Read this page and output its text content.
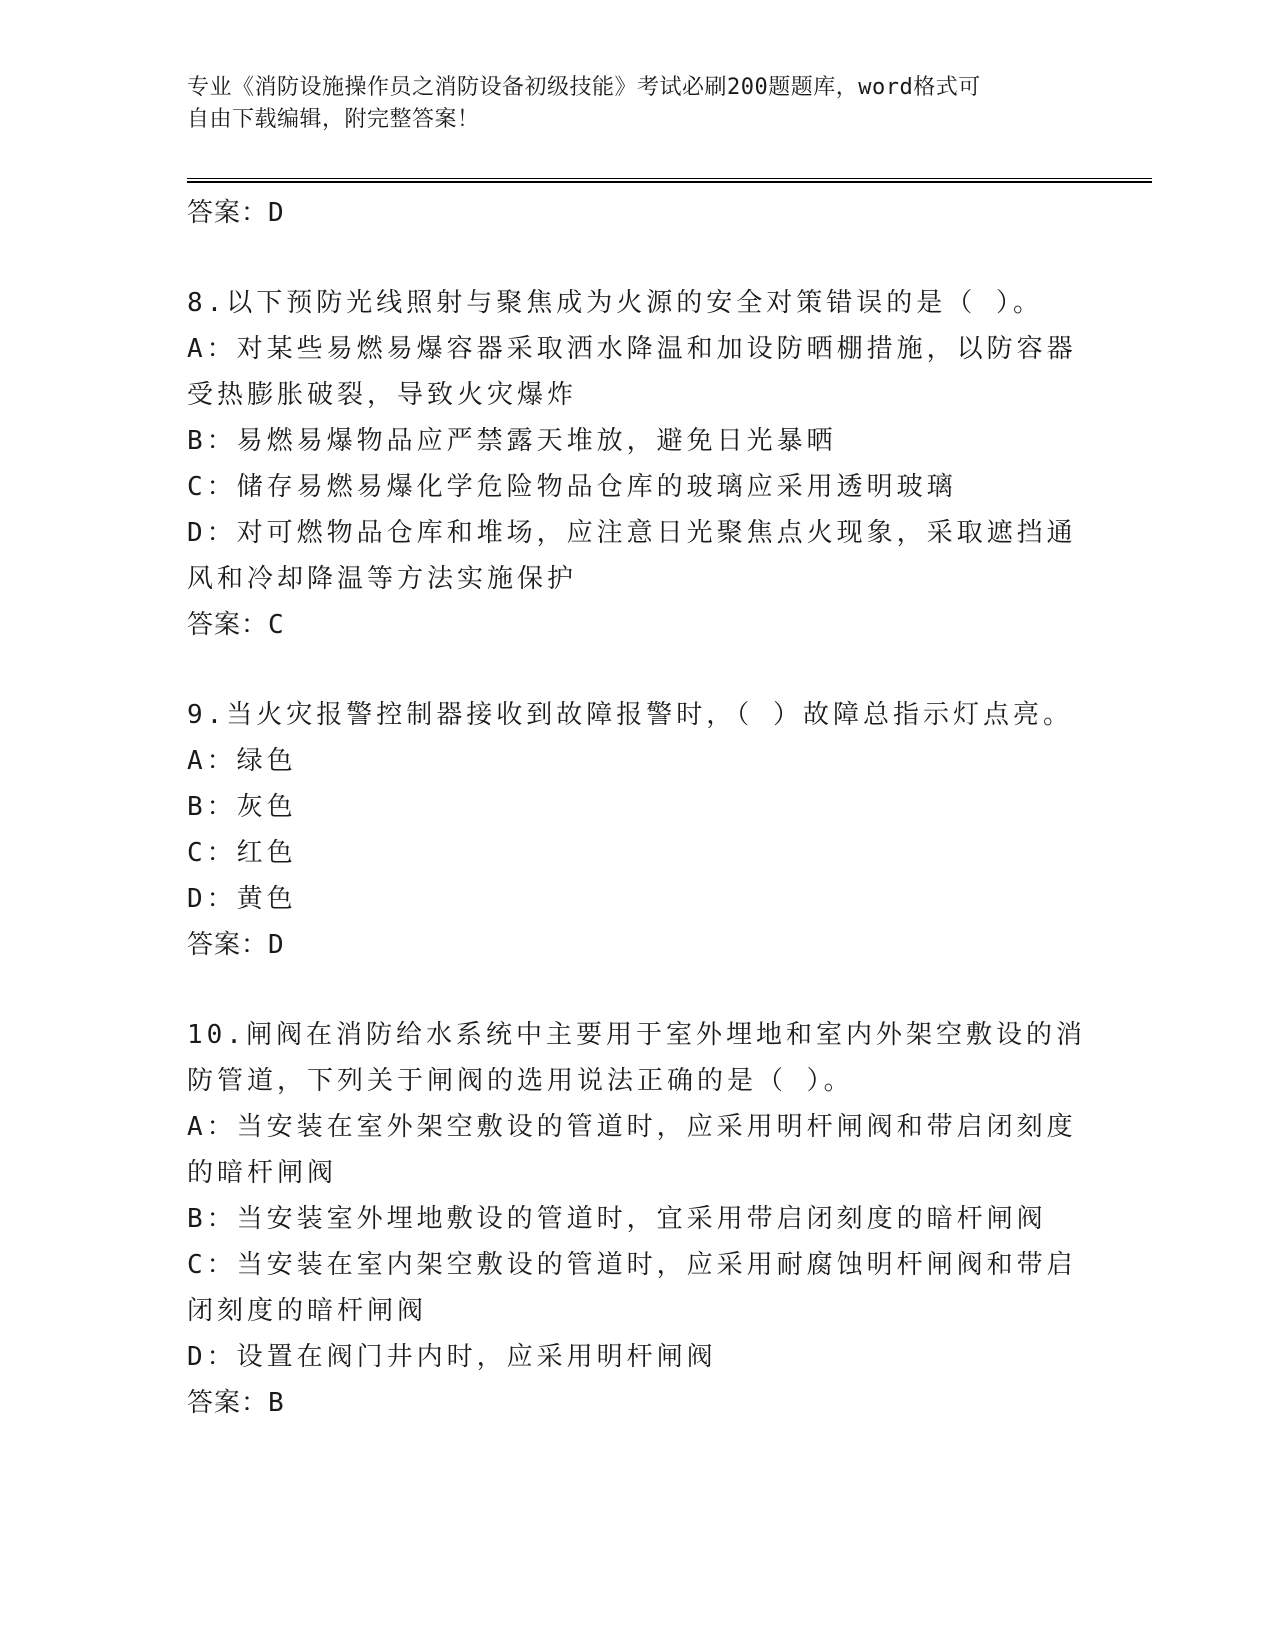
专业《消防设施操作员之消防设备初级技能》考试必刷200题题库，word格式可
自由下载编辑，附完整答案！
答案：D
8.以下预防光线照射与聚焦成为火源的安全对策错误的是（ ）。
A：对某些易燃易爆容器采取洒水降温和加设防晒棚措施，以防容器受热膨胀破裂，导致火灾爆炸
B：易燃易爆物品应严禁露天堆放，避免日光暴晒
C：储存易燃易爆化学危险物品仓库的玻璃应采用透明玻璃
D：对可燃物品仓库和堆场，应注意日光聚焦点火现象，采取遮挡通风和冷却降温等方法实施保护
答案：C
9.当火灾报警控制器接收到故障报警时，（ ）故障总指示灯点亮。
A：绿色
B：灰色
C：红色
D：黄色
答案：D
10.闸阀在消防给水系统中主要用于室外埋地和室内外架空敷设的消防管道，下列关于闸阀的选用说法正确的是（ ）。
A：当安装在室外架空敷设的管道时，应采用明杆闸阀和带启闭刻度的暗杆闸阀
B：当安装室外埋地敷设的管道时，宜采用带启闭刻度的暗杆闸阀
C：当安装在室内架空敷设的管道时，应采用耐腐蚀明杆闸阀和带启闭刻度的暗杆闸阀
D：设置在阀门井内时，应采用明杆闸阀
答案：B
